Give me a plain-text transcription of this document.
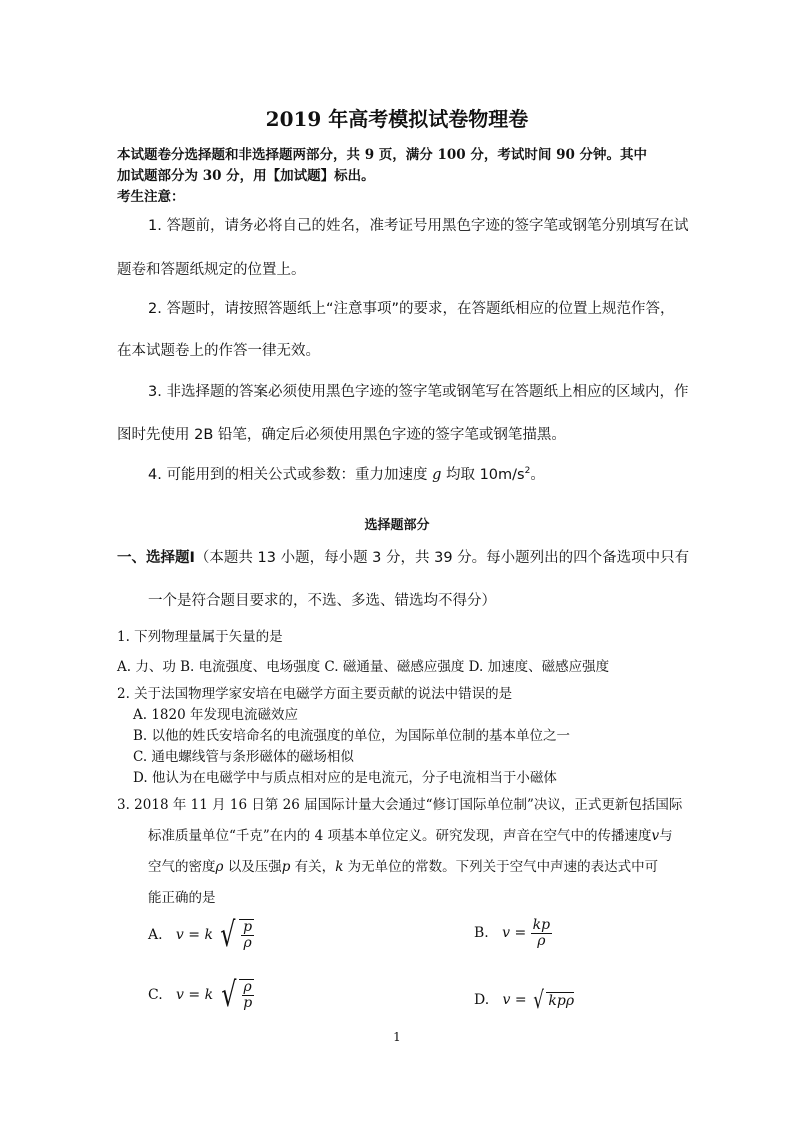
2019 年高考模拟试卷物理卷
本试题卷分选择题和非选择题两部分，共 9 页，满分 100 分，考试时间 90 分钟。其中
加试题部分为 30 分，用【加试题】标出。
考生注意：
1. 答题前，请务必将自己的姓名，准考证号用黑色字迹的签字笔或钢笔分别填写在试
题卷和答题纸规定的位置上。
2. 答题时，请按照答题纸上“注意事项”的要求，在答题纸相应的位置上规范作答，
在本试题卷上的作答一律无效。
3. 非选择题的答案必须使用黑色字迹的签字笔或钢笔写在答题纸上相应的区域内，作
图时先使用 2B 铅笔，确定后必须使用黑色字迹的签字笔或钢笔描黑。
4. 可能用到的相关公式或参数：重力加速度 g 均取 $10m/s^2$。
选择题部分
一、选择题Ⅰ（本题共 13 小题，每小题 3 分，共 39 分。每小题列出的四个备选项中只有
一个是符合题目要求的，不选、多选、错选均不得分）
1. 下列物理量属于矢量的是
A. 力、功 B. 电流强度、电场强度 C. 磁通量、磁感应强度 D. 加速度、磁感应强度
2. 关于法国物理学家安培在电磁学方面主要贡献的说法中错误的是
A. 1820 年发现电流磁效应
B. 以他的姓氏安培命名的电流强度的单位，为国际单位制的基本单位之一
C. 通电螺线管与条形磁体的磁场相似
D. 他认为在电磁学中与质点相对应的是电流元，分子电流相当于小磁体
3. 2018 年 11 月 16 日第 26 届国际计量大会通过“修订国际单位制”决议，正式更新包括国际
标准质量单位“千克”在内的 4 项基本单位定义。研究发现，声音在空气中的传播速度v与
空气的密度ρ 以及压强p 有关，k 为无单位的常数。下列关于空气中声速的表达式中可
能正确的是
A. v = k √ $\frac{p}{\rho}$	B. $v = \frac{kp}{\rho}$
C. v = k √ $\frac{\rho}{p}$	D. v = √ kpρ
1
